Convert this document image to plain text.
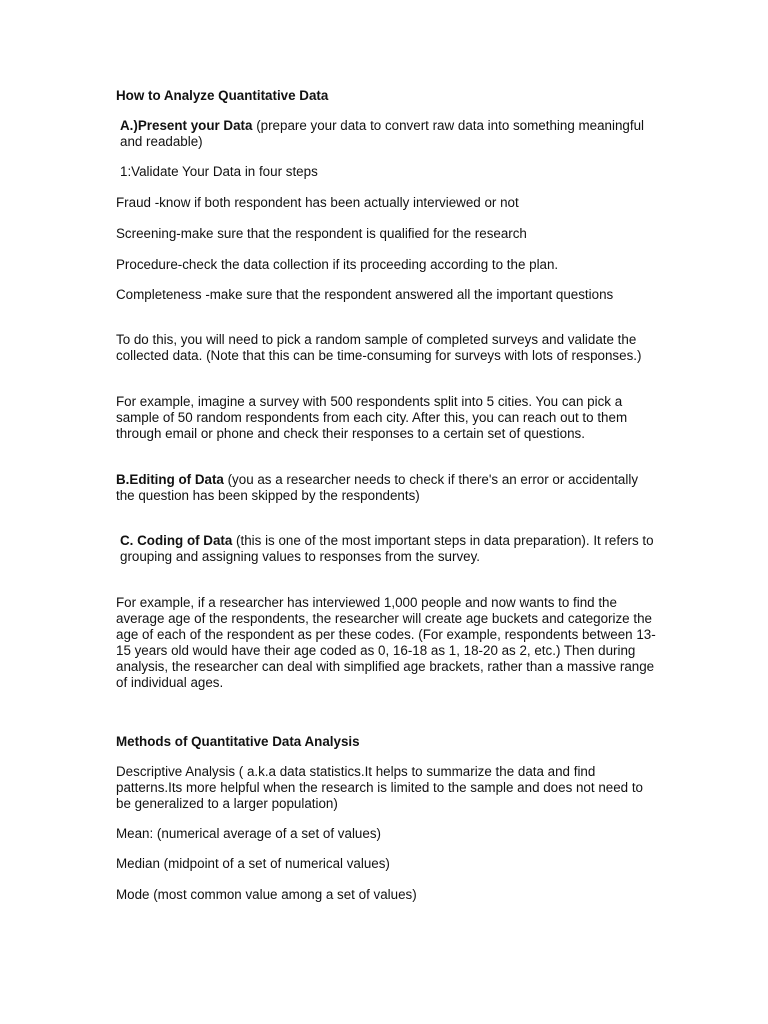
How to Analyze Quantitative Data

A.)Present your Data (prepare your data to convert raw data into something meaningful and readable)

1:Validate Your Data in four steps

Fraud -know if both respondent has been actually interviewed or not

Screening-make sure that the respondent is qualified for the research

Procedure-check the data collection if its proceeding according to the plan.

Completeness -make sure that the respondent answered all the important questions

To do this, you will need to pick a random sample of completed surveys and validate the collected data. (Note that this can be time-consuming for surveys with lots of responses.)

For example, imagine a survey with 500 respondents split into 5 cities. You can pick a sample of 50 random respondents from each city. After this, you can reach out to them through email or phone and check their responses to a certain set of questions.

B.Editing of Data (you as a researcher needs to check if there's an error or accidentally the question has been skipped by the respondents)

C. Coding of Data (this is one of the most important steps in data preparation). It refers to grouping and assigning values to responses from the survey.

For example, if a researcher has interviewed 1,000 people and now wants to find the average age of the respondents, the researcher will create age buckets and categorize the age of each of the respondent as per these codes. (For example, respondents between 13-15 years old would have their age coded as 0, 16-18 as 1, 18-20 as 2, etc.) Then during analysis, the researcher can deal with simplified age brackets, rather than a massive range of individual ages.

Methods of Quantitative Data Analysis

Descriptive Analysis ( a.k.a data statistics.It helps to summarize the data and find patterns.Its more helpful when the research is limited to the sample and does not need to be generalized to a larger population)

Mean: (numerical average of a set of values)

Median (midpoint of a set of numerical values)

Mode (most common value among a set of values)
